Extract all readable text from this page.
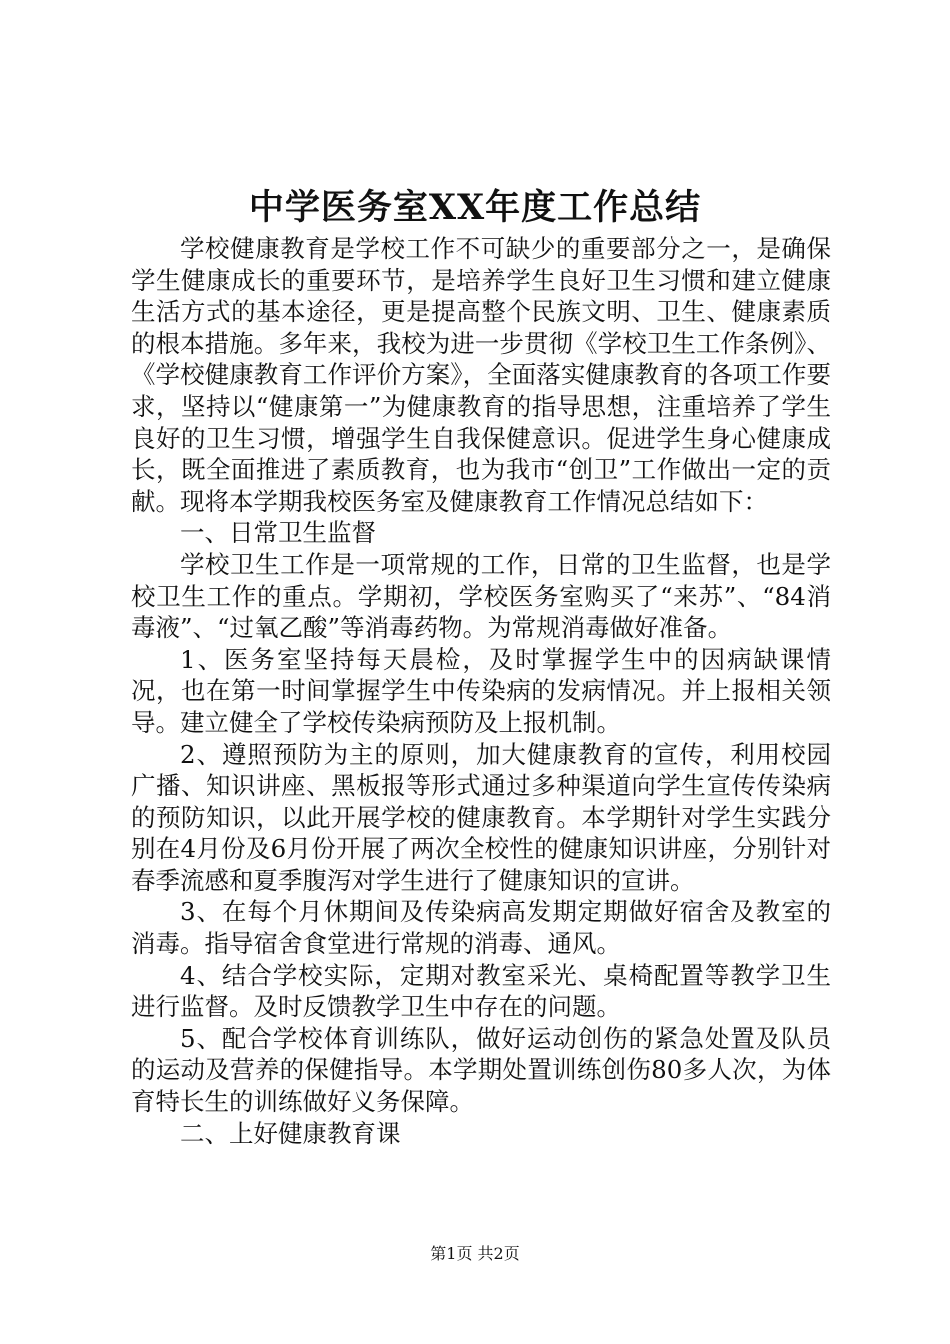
中学医务室XX年度工作总结

学校健康教育是学校工作不可缺少的重要部分之一，是确保学生健康成长的重要环节，是培养学生良好卫生习惯和建立健康生活方式的基本途径，更是提高整个民族文明、卫生、健康素质的根本措施。多年来，我校为进一步贯彻《学校卫生工作条例》、《学校健康教育工作评价方案》，全面落实健康教育的各项工作要求，坚持以“健康第一”为健康教育的指导思想，注重培养了学生良好的卫生习惯，增强学生自我保健意识。促进学生身心健康成长，既全面推进了素质教育，也为我市“创卫”工作做出一定的贡献。现将本学期我校医务室及健康教育工作情况总结如下：

一、日常卫生监督

学校卫生工作是一项常规的工作，日常的卫生监督，也是学校卫生工作的重点。学期初，学校医务室购买了“来苏”、“84消毒液”、“过氧乙酸”等消毒药物。为常规消毒做好准备。

1、医务室坚持每天晨检，及时掌握学生中的因病缺课情况，也在第一时间掌握学生中传染病的发病情况。并上报相关领导。建立健全了学校传染病预防及上报机制。

2、遵照预防为主的原则，加大健康教育的宣传，利用校园广播、知识讲座、黑板报等形式通过多种渠道向学生宣传传染病的预防知识，以此开展学校的健康教育。本学期针对学生实践分别在4月份及6月份开展了两次全校性的健康知识讲座，分别针对春季流感和夏季腹泻对学生进行了健康知识的宣讲。

3、在每个月休期间及传染病高发期定期做好宿舍及教室的消毒。指导宿舍食堂进行常规的消毒、通风。

4、结合学校实际，定期对教室采光、桌椅配置等教学卫生进行监督。及时反馈教学卫生中存在的问题。

5、配合学校体育训练队，做好运动创伤的紧急处置及队员的运动及营养的保健指导。本学期处置训练创伤80多人次，为体育特长生的训练做好义务保障。

二、上好健康教育课

第1页 共2页
